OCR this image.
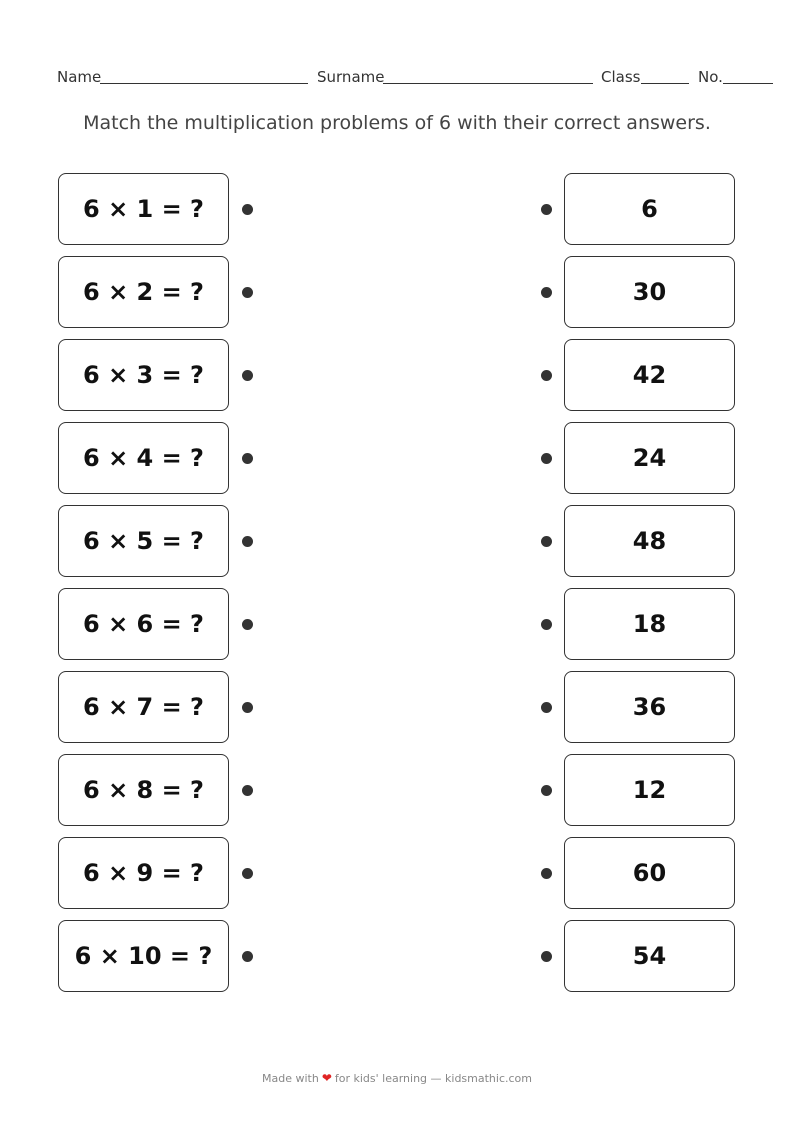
Name	Surname	Class	No.
Match the multiplication problems of 6 with their correct answers.
6 × 1 = ?
6 × 2 = ?
6 × 3 = ?
6 × 4 = ?
6 × 5 = ?
6 × 6 = ?
6 × 7 = ?
6 × 8 = ?
6 × 9 = ?
6 × 10 = ?
6
30
42
24
48
18
36
12
60
54
Made with ❤ for kids' learning — kidsmathic.com
